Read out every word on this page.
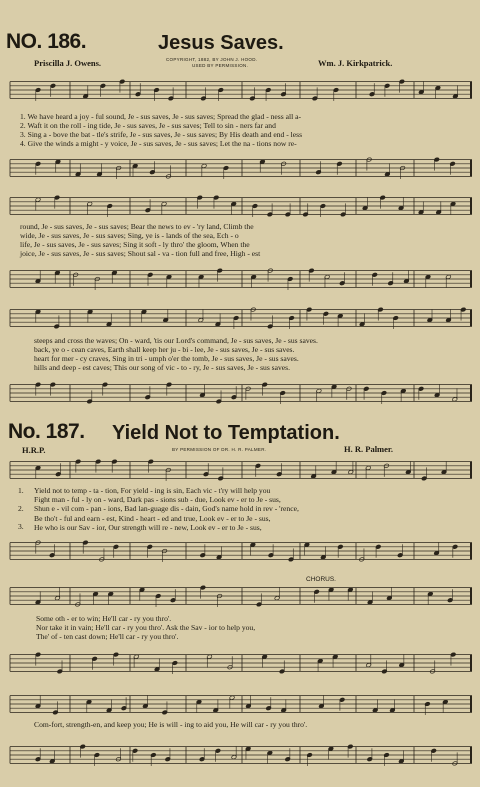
NO. 186.	Jesus Saves.
Priscilla J. Owens.	Wm. J. Kirkpatrick.
COPYRIGHT, 1882, BY JOHN J. HOOD.
USED BY PERMISSION.
1. We have heard a joy - ful sound, Je - sus saves, Je - sus saves; Spread the glad - ness all a-
2. Waft it on the roll - ing tide, Je - sus saves, Je - sus saves; Tell to sin - ners far and
3. Sing a - bove the bat - tle's strife, Je - sus saves, Je - sus saves; By His death and end - less
4. Give the winds a might - y voice, Je - sus saves, Je - sus saves; Let the na - tions now re-
round, Je - sus saves, Je - sus saves; Bear the news to ev - 'ry land, Climb the
wide, Je - sus saves, Je - sus saves; Sing, ye is - lands of the sea, Ech - o
life, Je - sus saves, Je - sus saves; Sing it soft - ly thro' the gloom, When the
joice, Je - sus saves, Je - sus saves; Shout sal - va - tion full and free, High - est
steeps and cross the waves; On - ward, 'tis our Lord's command, Je - sus saves, Je - sus saves.
back, ye o - cean caves, Earth shall keep her ju - bi - lee, Je - sus saves, Je - sus saves.
heart for mer - cy craves, Sing in tri - umph o'er the tomb, Je - sus saves, Je - sus saves.
hills and deep - est caves; This our song of vic - to - ry, Je - sus saves, Je - sus saves.
No. 187. Yield Not to Temptation.
H.R.P.	BY PERMISSION OF DR. H. R. PALMER.	H. R. Palmer.
1.
2.
3.
Yield not to temp - ta - tion, For yield - ing is sin, Each vic - t'ry will help you
Fight man - ful - ly on - ward, Dark pas - sions sub - due, Look ev - er to Je - sus,
Shun e - vil com - pan - ions, Bad lan-guage dis - dain, God's name hold in rev - 'rence,
Be tho't - ful and earn - est, Kind - heart - ed and true, Look ev - er to Je - sus,
He who is our Sav - ior, Our strength will re - new, Look ev - er to Je - sus,
CHORUS.
Some oth - er to win; He'll car - ry you thro'.
Nor take it in vain; He'll car - ry you thro'. Ask the Sav - ior to help you,
The' of - ten cast down; He'll car - ry you thro'.
Com-fort, strength-en, and keep you; He is will - ing to aid you, He will car - ry you thro'.
